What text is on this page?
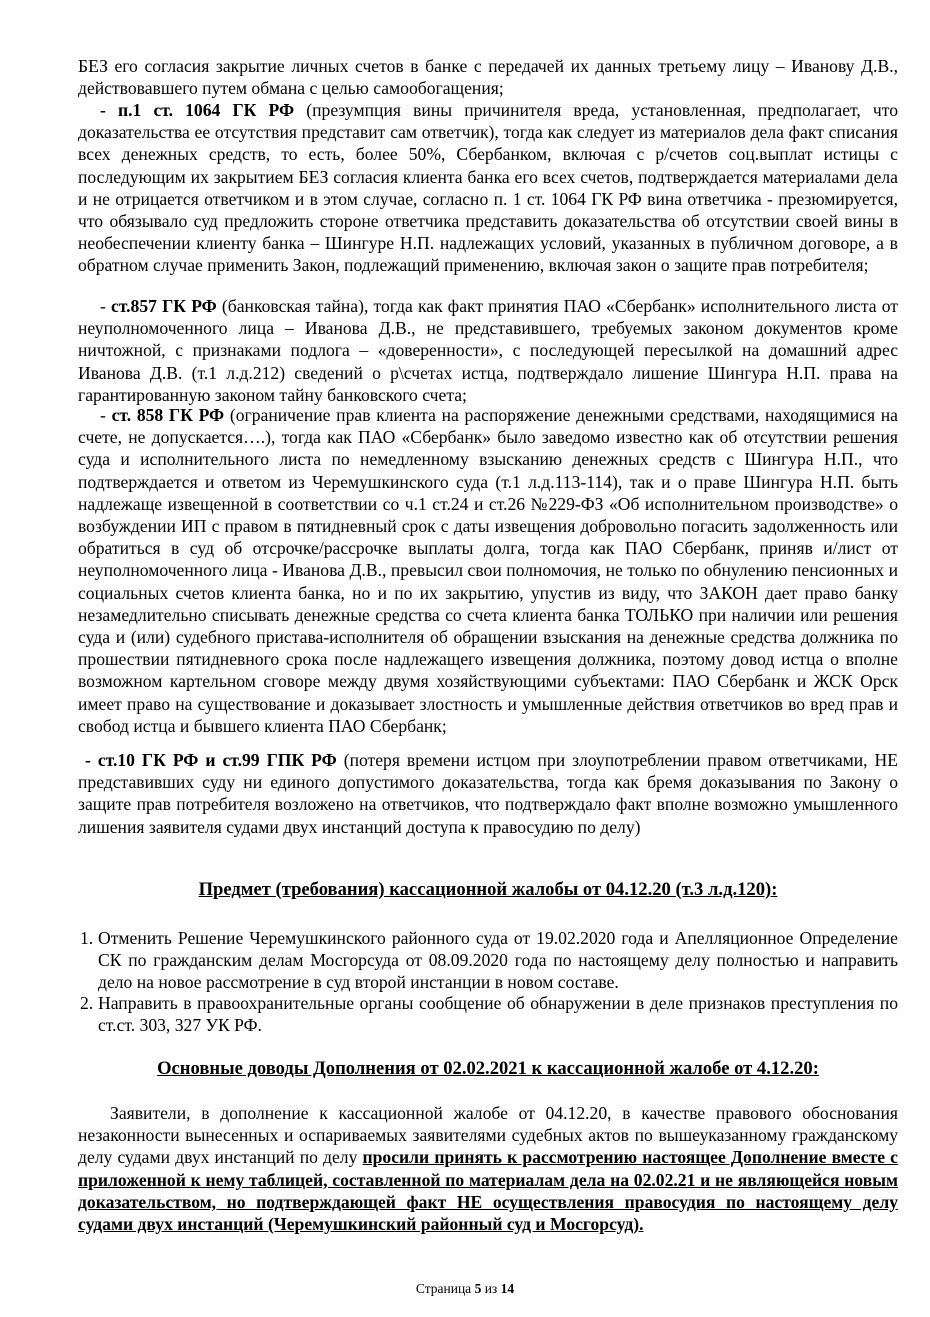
БЕЗ его согласия закрытие личных счетов в банке с передачей их данных третьему лицу – Иванову Д.В., действовавшего путем обмана с целью самообогащения;
- п.1 ст. 1064 ГК РФ (презумпция вины причинителя вреда, установленная, предполагает, что доказательства ее отсутствия представит сам ответчик), тогда как следует из материалов дела факт списания всех денежных средств, то есть, более 50%, Сбербанком, включая с р/счетов соц.выплат истицы с последующим их закрытием БЕЗ согласия клиента банка его всех счетов, подтверждается материалами дела и не отрицается ответчиком и в этом случае, согласно п. 1 ст. 1064 ГК РФ вина ответчика - презюмируется, что обязывало суд предложить стороне ответчика представить доказательства об отсутствии своей вины в необеспечении клиенту банка – Шингуре Н.П. надлежащих условий, указанных в публичном договоре, а в обратном случае применить Закон, подлежащий применению, включая закон о защите прав потребителя;
- ст.857 ГК РФ (банковская тайна), тогда как факт принятия ПАО «Сбербанк» исполнительного листа от неуполномоченного лица – Иванова Д.В., не представившего, требуемых законом документов кроме ничтожной, с признаками подлога – «доверенности», с последующей пересылкой на домашний адрес Иванова Д.В. (т.1 л.д.212) сведений о р\счетах истца, подтверждало лишение Шингура Н.П. права на гарантированную законом тайну банковского счета;
- ст. 858 ГК РФ (ограничение прав клиента на распоряжение денежными средствами, находящимися на счете, не допускается….), тогда как ПАО «Сбербанк» было заведомо известно как об отсутствии решения суда и исполнительного листа по немедленному взысканию денежных средств с Шингура Н.П., что подтверждается и ответом из Черемушкинского суда (т.1 л.д.113-114), так и о праве Шингура Н.П. быть надлежаще извещенной в соответствии со ч.1 ст.24 и ст.26 №229-ФЗ «Об исполнительном производстве» о возбуждении ИП с правом в пятидневный срок с даты извещения добровольно погасить задолженность или обратиться в суд об отсрочке/рассрочке выплаты долга, тогда как ПАО Сбербанк, приняв и/лист от неуполномоченного лица - Иванова Д.В., превысил свои полномочия, не только по обнулению пенсионных и социальных счетов клиента банка, но и по их закрытию, упустив из виду, что ЗАКОН дает право банку незамедлительно списывать денежные средства со счета клиента банка ТОЛЬКО при наличии или решения суда и (или) судебного пристава-исполнителя об обращении взыскания на денежные средства должника по прошествии пятидневного срока после надлежащего извещения должника, поэтому довод истца о вполне возможном картельном сговоре между двумя хозяйствующими субъектами: ПАО Сбербанк и ЖСК Орск имеет право на существование и доказывает злостность и умышленные действия ответчиков во вред прав и свобод истца и бывшего клиента ПАО Сбербанк;
- ст.10 ГК РФ и ст.99 ГПК РФ (потеря времени истцом при злоупотреблении правом ответчиками, НЕ представивших суду ни единого допустимого доказательства, тогда как бремя доказывания по Закону о защите прав потребителя возложено на ответчиков, что подтверждало факт вполне возможно умышленного лишения заявителя судами двух инстанций доступа к правосудию по делу)
Предмет (требования) кассационной жалобы от 04.12.20 (т.3 л.д.120):
1. Отменить Решение Черемушкинского районного суда от 19.02.2020 года и Апелляционное Определение СК по гражданским делам Мосгорсуда от 08.09.2020 года по настоящему делу полностью и направить дело на новое рассмотрение в суд второй инстанции в новом составе.
2. Направить в правоохранительные органы сообщение об обнаружении в деле признаков преступления по ст.ст. 303, 327 УК РФ.
Основные доводы Дополнения от 02.02.2021 к кассационной жалобе от 4.12.20:
Заявители, в дополнение к кассационной жалобе от 04.12.20, в качестве правового обоснования незаконности вынесенных и оспариваемых заявителями судебных актов по вышеуказанному гражданскому делу судами двух инстанций по делу просили принять к рассмотрению настоящее Дополнение вместе с приложенной к нему таблицей, составленной по материалам дела на 02.02.21 и не являющейся новым доказательством, но подтверждающей факт НЕ осуществления правосудия по настоящему делу судами двух инстанций (Черемушкинский районный суд и Мосгорсуд).
Страница 5 из 14
